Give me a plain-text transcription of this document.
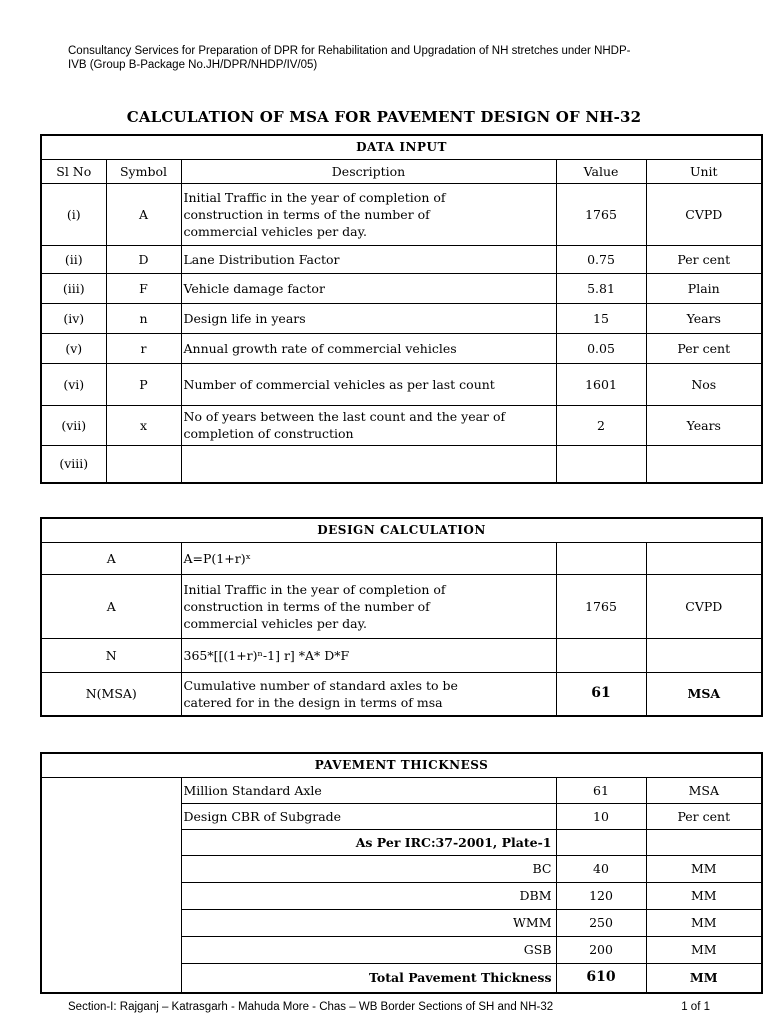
Consultancy Services for Preparation of DPR for Rehabilitation and Upgradation of NH stretches under NHDP-
IVB (Group B-Package No.JH/DPR/NHDP/IV/05)
CALCULATION OF MSA FOR PAVEMENT DESIGN OF NH-32
DATA INPUT				
Sl No	Symbol	Description	Value	Unit
(i)	A	Initial Traffic in the year of completion of
construction in terms of the number of
commercial vehicles per day.	1765	CVPD
(ii)	D	Lane Distribution Factor	0.75	Per cent
(iii)	F	Vehicle damage factor	5.81	Plain
(iv)	n	Design life in years	15	Years
(v)	r	Annual growth rate of commercial vehicles	0.05	Per cent
(vi)	P	Number of commercial vehicles as per last count	1601	Nos
(vii)	x	No of years between the last count and the year of
completion of construction	2	Years
(viii)				
DESIGN CALCULATION			
A	A=P(1+r)ˣ		
A	Initial Traffic in the year of completion of
construction in terms of the number of
commercial vehicles per day.	1765	CVPD
N	365*[[(1+r)ⁿ-1] r] *A* D*F		
N(MSA)	Cumulative number of standard axles to be
catered for in the design in terms of msa	61	MSA
PAVEMENT THICKNESS			
	Million Standard Axle	61	MSA
	Design CBR of Subgrade	10	Per cent
	As Per IRC:37-2001, Plate-1		
	BC	40	MM
	DBM	120	MM
	WMM	250	MM
	GSB	200	MM
	Total Pavement Thickness	610	MM
Section-I: Rajganj – Katrasgarh - Mahuda More - Chas – WB Border Sections of SH and NH-32	1 of 1
